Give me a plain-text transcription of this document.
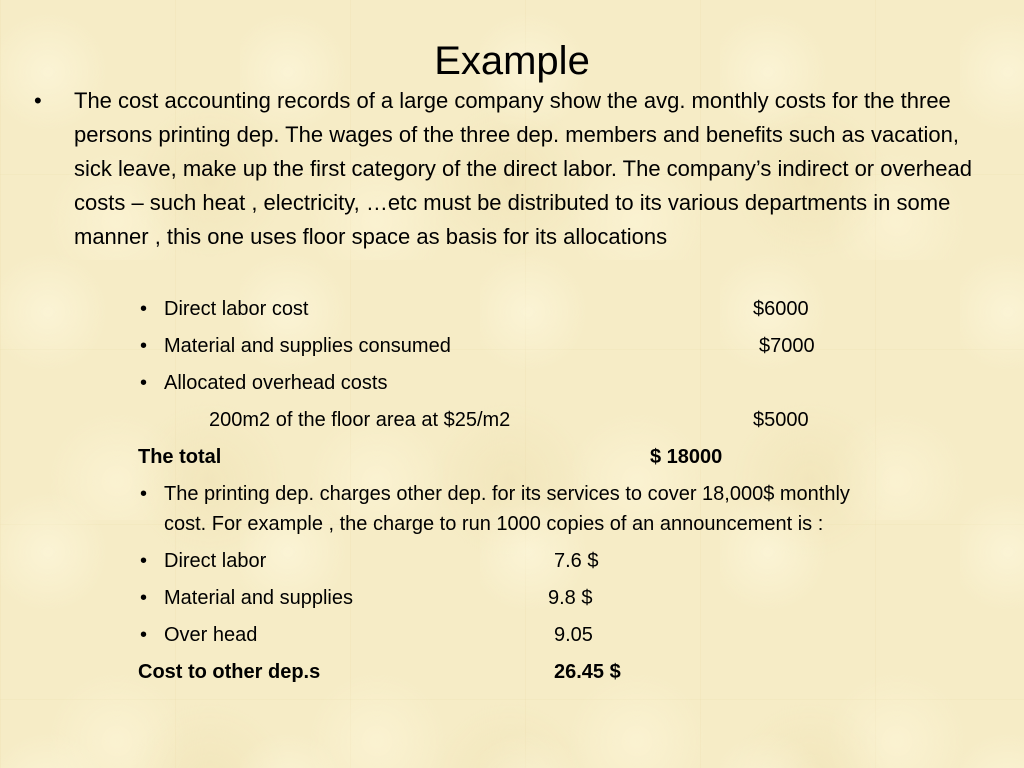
Example
• The cost accounting records of a large company show the avg. monthly costs for the three persons printing dep. The wages of the three dep. members and benefits such as vacation, sick leave, make up the first category of the direct labor. The company’s indirect or overhead costs – such heat , electricity, …etc must be distributed to its various departments in some manner , this one uses floor space as basis for its allocations

• Direct labor cost	$6000
• Material and supplies consumed	$7000
• Allocated overhead costs
200m2 of the floor area at $25/m2	$5000
The total	$ 18000
• The printing dep. charges other dep. for its services to cover 18,000$ monthly
cost. For example , the charge to run 1000 copies of an announcement is :
• Direct labor	7.6 $
• Material and supplies	9.8 $
• Over head	9.05
Cost to other dep.s	26.45 $
